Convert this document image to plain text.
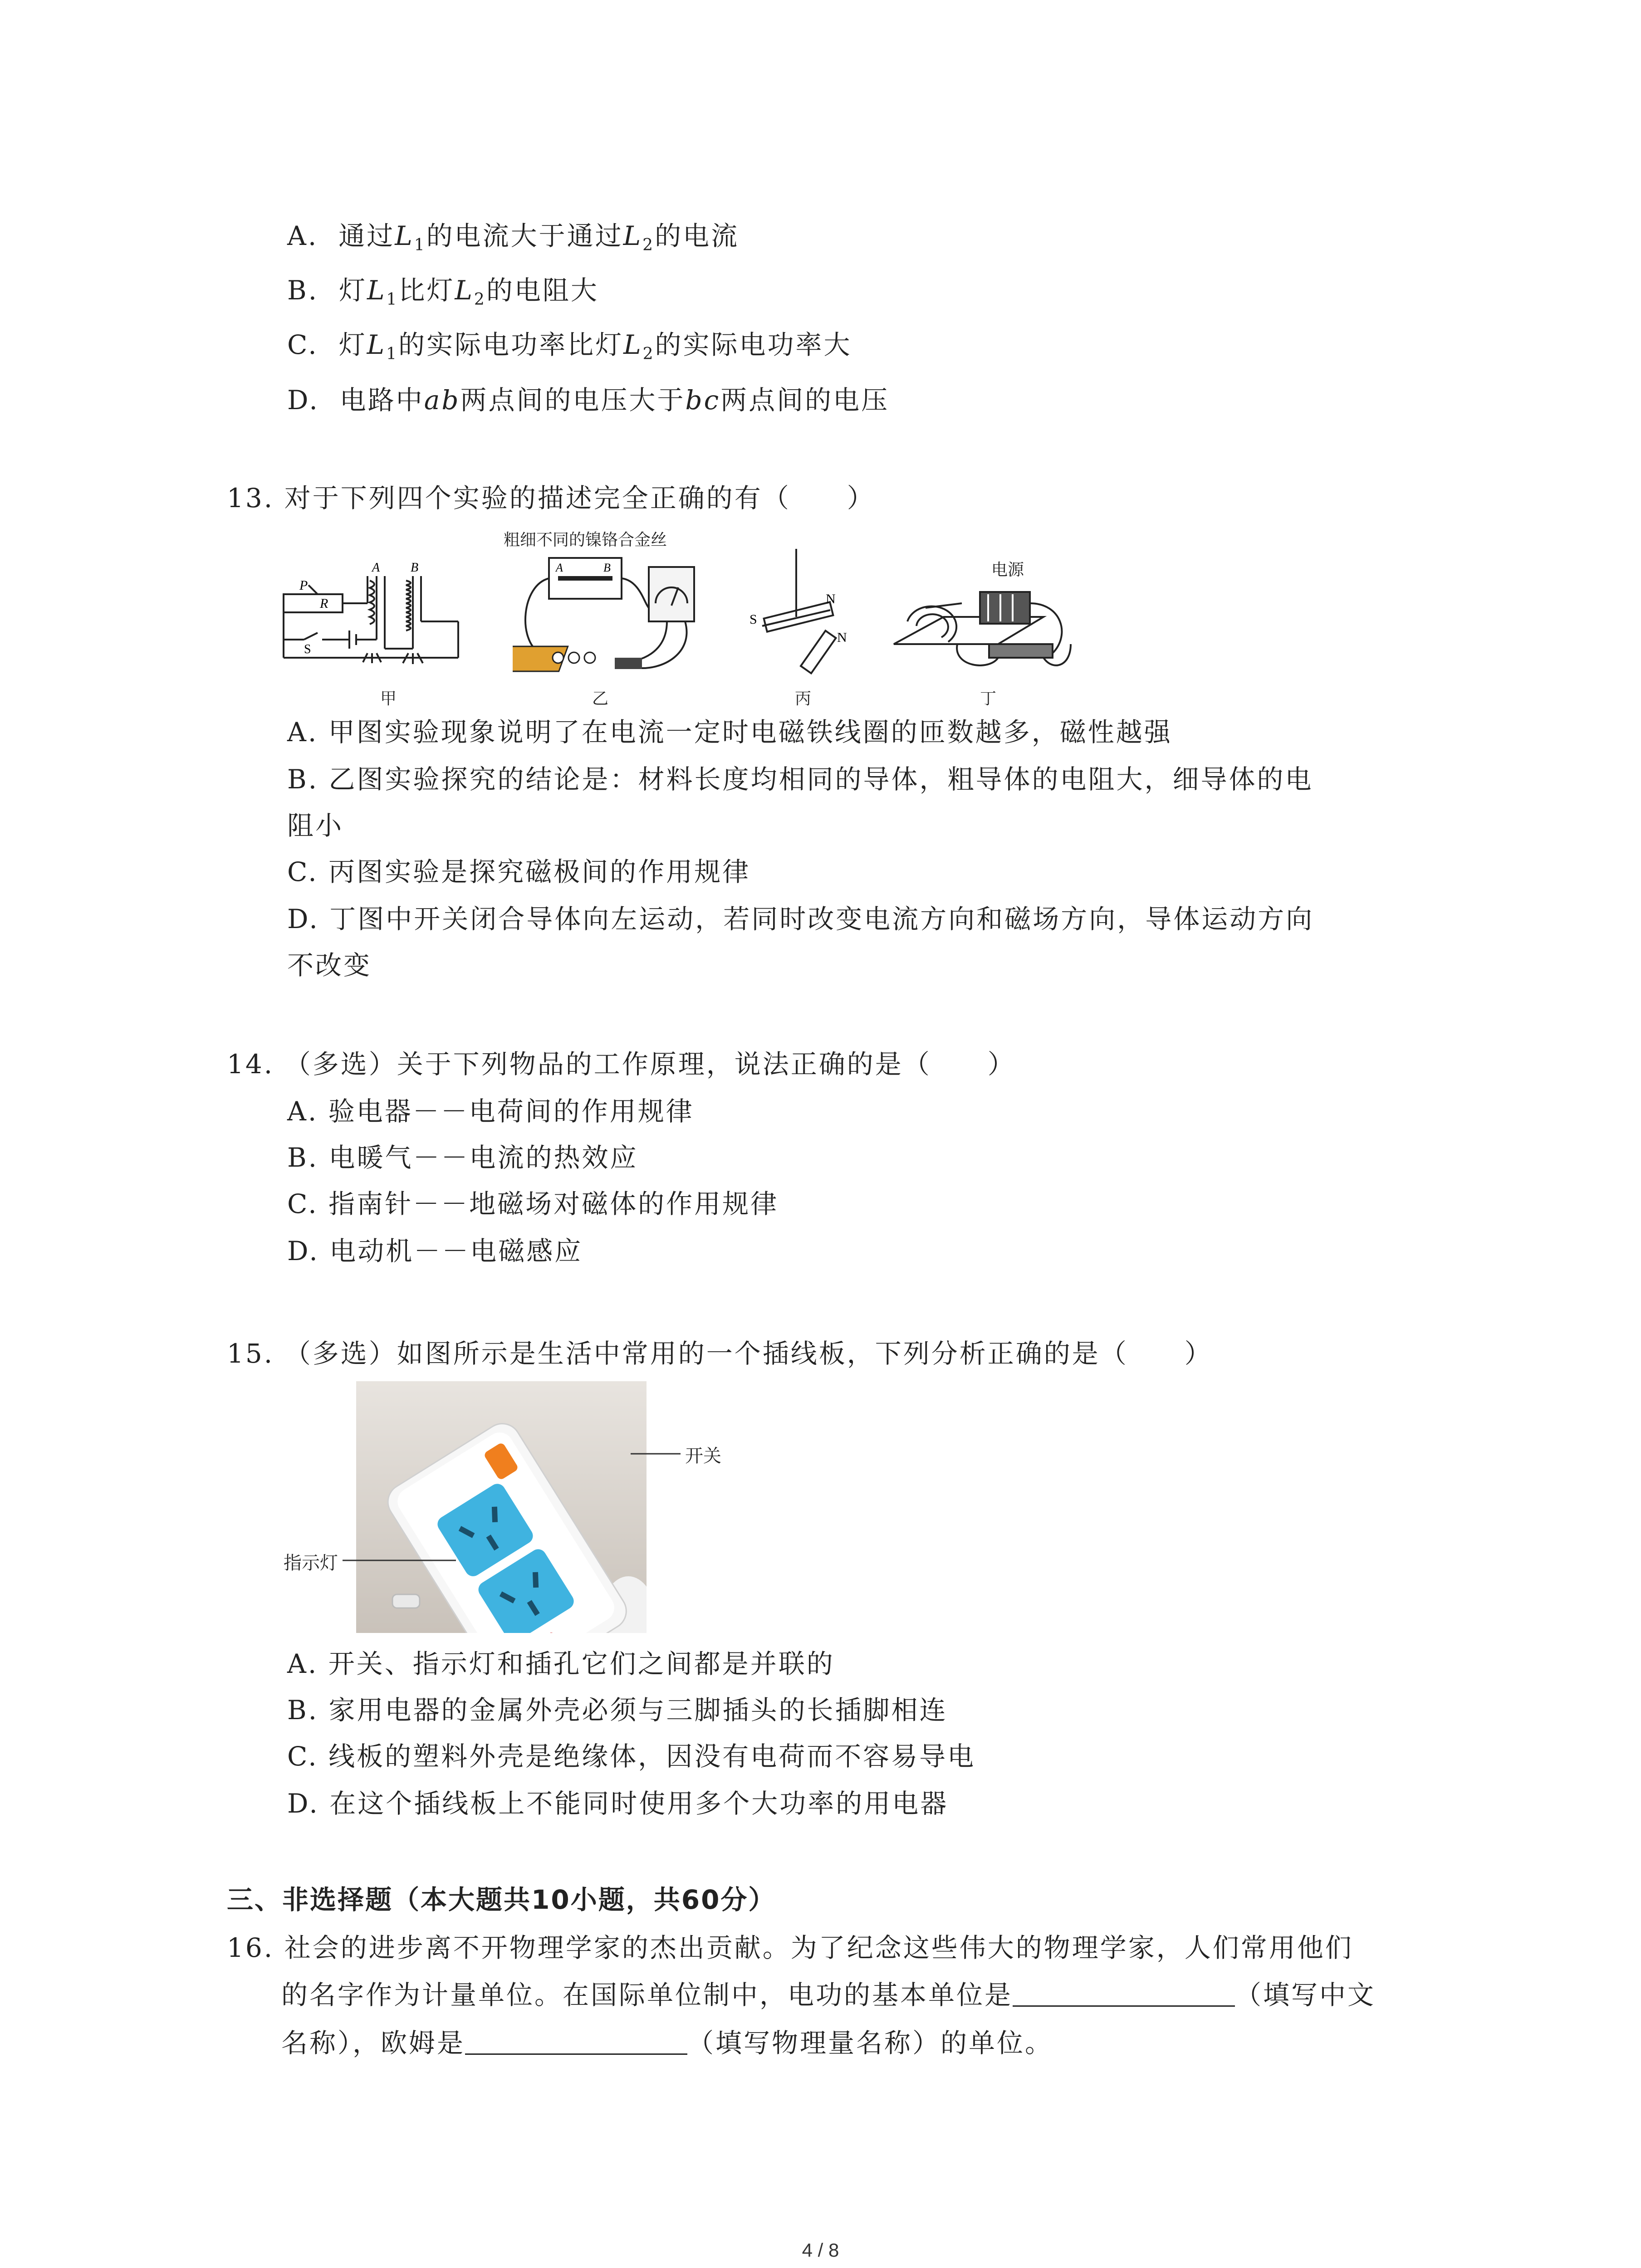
A. 通过$L_1$的电流大于通过$L_2$的电流
B. 灯$L_1$比灯$L_2$的电阻大
C. 灯$L_1$的实际电功率比灯$L_2$的实际电功率大
D. 电路中ab两点间的电压大于bc两点间的电压
13. 对于下列四个实验的描述完全正确的有（　　）
P
R
S
A B
粗细不同的镍铬合金丝
A	B
S
N
N
电源
甲	乙	丙	丁
A. 甲图实验现象说明了在电流一定时电磁铁线圈的匝数越多，磁性越强
B. 乙图实验探究的结论是：材料长度均相同的导体，粗导体的电阻大，细导体的电
阻小
C. 丙图实验是探究磁极间的作用规律
D. 丁图中开关闭合导体向左运动，若同时改变电流方向和磁场方向，导体运动方向
不改变
14. （多选）关于下列物品的工作原理，说法正确的是（　　）
A. 验电器－－电荷间的作用规律
B. 电暖气－－电流的热效应
C. 指南针－－地磁场对磁体的作用规律
D. 电动机－－电磁感应
15. （多选）如图所示是生活中常用的一个插线板，下列分析正确的是（　　）
开关
指示灯
A. 开关、指示灯和插孔它们之间都是并联的
B. 家用电器的金属外壳必须与三脚插头的长插脚相连
C. 线板的塑料外壳是绝缘体，因没有电荷而不容易导电
D. 在这个插线板上不能同时使用多个大功率的用电器
三、非选择题（本大题共10小题，共60分）
16. 社会的进步离不开物理学家的杰出贡献。为了纪念这些伟大的物理学家，人们常用他们
的名字作为计量单位。在国际单位制中，电功的基本单位是	（填写中文
名称），欧姆是	（填写物理量名称）的单位。
4 / 8
